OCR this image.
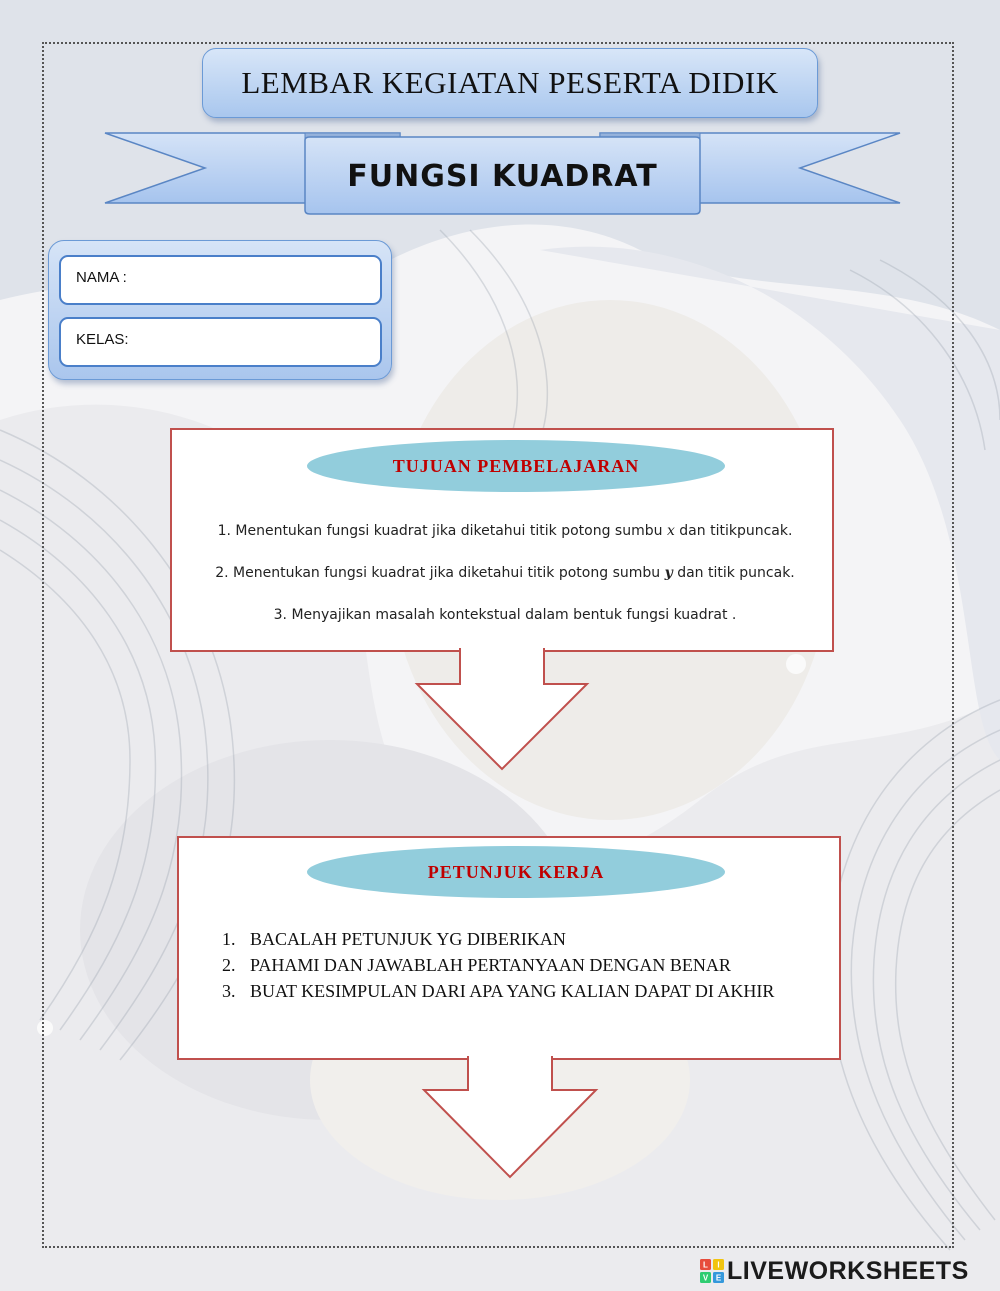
LEMBAR KEGIATAN PESERTA DIDIK
FUNGSI KUADRAT
NAMA :
KELAS:
TUJUAN PEMBELAJARAN
1. Menentukan fungsi kuadrat jika diketahui titik potong sumbu x dan titikpuncak.
2. Menentukan fungsi kuadrat jika diketahui titik potong sumbu y dan titik puncak.
3. Menyajikan masalah kontekstual dalam bentuk fungsi kuadrat .
PETUNJUK KERJA
1. BACALAH PETUNJUK YG DIBERIKAN
2. PAHAMI DAN JAWABLAH PERTANYAAN DENGAN BENAR
3. BUAT KESIMPULAN DARI APA YANG KALIAN DAPAT DI AKHIR
L I
V E LIVEWORKSHEETS
